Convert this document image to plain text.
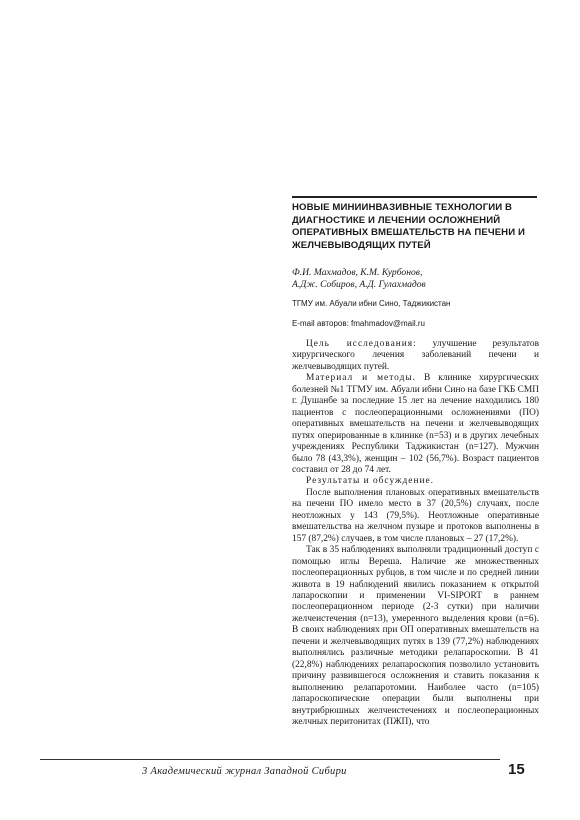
НОВЫЕ МИНИИНВАЗИВНЫЕ ТЕХНОЛОГИИ В ДИАГНОСТИКЕ И ЛЕЧЕНИИ ОСЛОЖНЕНИЙ ОПЕРАТИВНЫХ ВМЕШАТЕЛЬСТВ НА ПЕЧЕНИ И ЖЕЛЧЕВЫВОДЯЩИХ ПУТЕЙ
Ф.И. Махмадов, К.М. Курбонов,
А.Дж. Собиров, А.Д. Гулахмадов
ТГМУ им. Абуали ибни Сино, Таджикистан
E-mail авторов: fmahmadov@mail.ru

Цель исследования: улучшение результатов хирургического лечения заболеваний печени и желчевыводящих путей.

Материал и методы. В клинике хирургических болезней №1 ТГМУ им. Абуали ибни Сино на базе ГКБ СМП г. Душанбе за последние 15 лет на лечение находились 180 пациентов с послеоперационными осложнениями (ПО) оперативных вмешательств на печени и желчевыводящих путях оперированные в клинике (n=53) и в других лечебных учреждениях Республики Таджикистан (n=127). Мужчин было 78 (43,3%), женщин – 102 (56,7%). Возраст пациентов составил от 28 до 74 лет.

Результаты и обсуждение.

После выполнения плановых оперативных вмешательств на печени ПО имело место в 37 (20,5%) случаях, после неотложных у 143 (79,5%). Неотложные оперативные вмешательства на желчном пузыре и протоков выполнены в 157 (87,2%) случаев, в том числе плановых – 27 (17,2%).

Так в 35 наблюдениях выполняли традиционный доступ с помощью иглы Вереша. Наличие же множественных послеоперационных рубцов, в том числе и по средней линии живота в 19 наблюдений явились показанием к открытой лапароскопии и применении VI-SIPORT в раннем послеоперационном периоде (2-3 сутки) при наличии желчеистечения (n=13), умеренного выделения крови (n=6). В своих наблюдениях при ОП оперативных вмешательств на печени и желчевыводящих путях в 139 (77,2%) наблюдениях выполнялись различные методики релапароскопии. В 41 (22,8%) наблюдениях релапароскопия позволило установить причину развившегося осложнения и ставить показания к выполнению релапаротомии. Наиболее часто (n=105) лапароскопические операции были выполнены при внутрибрюшных желчеистечениях и послеоперационных желчных перитонитах (ПЖП), что

3 Академический журнал Западной Сибири	15
